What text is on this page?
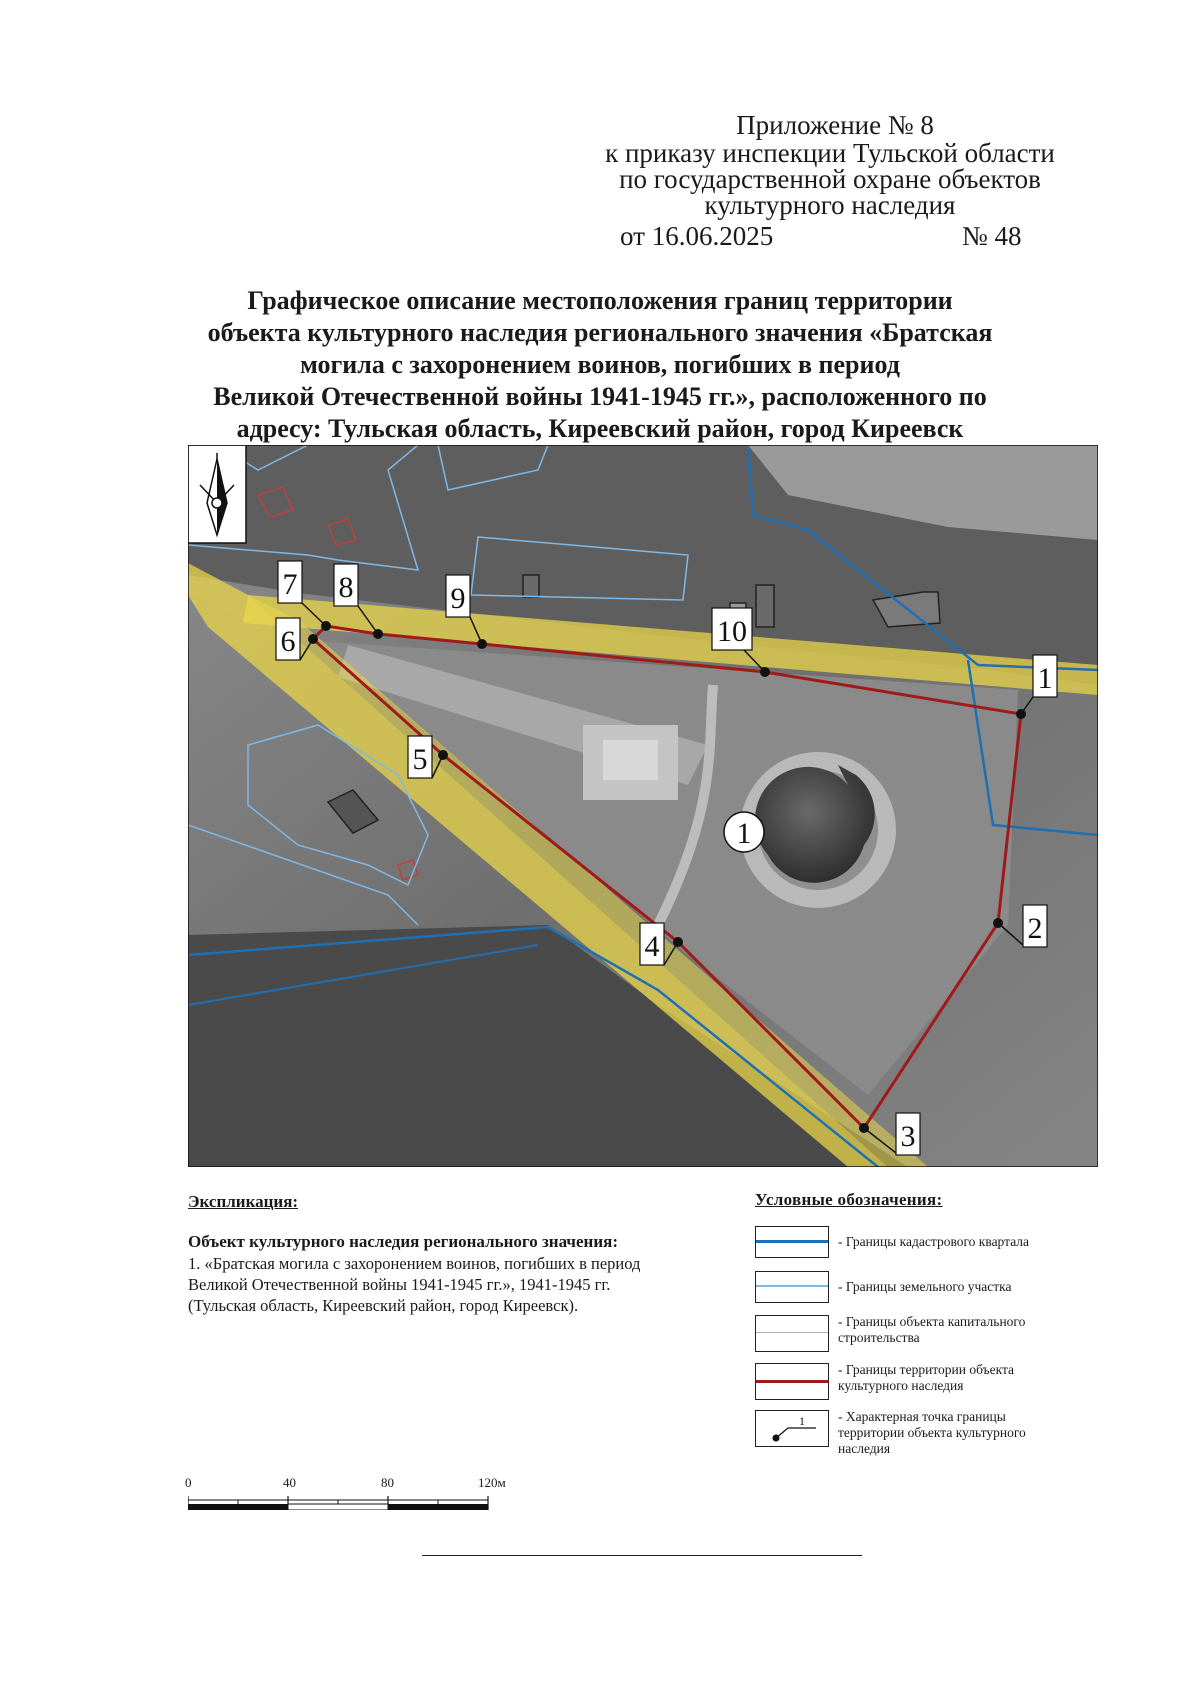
Приложение № 8
к приказу инспекции Тульской области
по государственной охране объектов
культурного наследия
от 16.06.2025	№ 48
Графическое описание местоположения границ территории
объекта культурного наследия регионального значения «Братская
могила с захоронением воинов, погибших в период
Великой Отечественной войны 1941-1945 гг.», расположенного по
адресу: Тульская область, Киреевский район, город Киреевск
1
2
3
4
5
6
7 8	9
10
1
Экспликация:
Объект культурного наследия регионального значения:
1. «Братская могила с захоронением воинов, погибших в период
Великой Отечественной войны 1941-1945 гг.», 1941-1945 гг.
(Тульская область, Киреевский район, город Киреевск).
Условные обозначения:
- Границы кадастрового квартала
- Границы земельного участка
- Границы объекта капитального
строительства
- Границы территории объекта
культурного наследия
1 - Характерная точка границы
территории объекта культурного
наследия
0	40	80	120м
